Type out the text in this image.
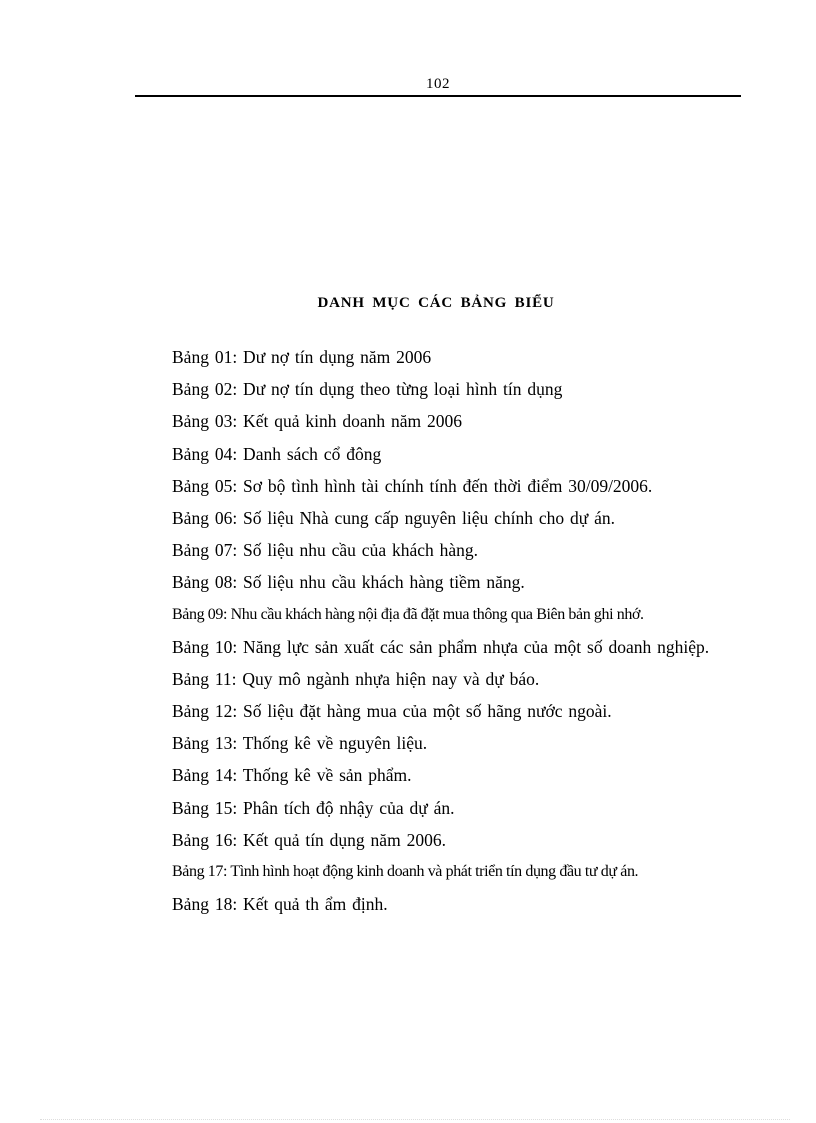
102
DANH MỤC CÁC BẢNG BIỂU
Bảng 01: Dư nợ tín dụng năm 2006
Bảng 02: Dư nợ tín dụng theo từng loại hình tín dụng
Bảng 03: Kết quả kinh doanh năm 2006
Bảng 04: Danh sách cổ đông
Bảng 05: Sơ bộ tình hình tài chính tính đến thời điểm 30/09/2006.
Bảng 06: Số liệu Nhà cung cấp nguyên liệu chính cho dự án.
Bảng 07: Số liệu nhu cầu của khách hàng.
Bảng 08: Số liệu nhu cầu khách hàng tiềm năng.
Bảng 09: Nhu cầu khách hàng nội địa đã đặt mua thông qua Biên bản ghi nhớ.
Bảng 10: Năng lực sản xuất các sản phẩm nhựa của một số doanh nghiệp.
Bảng 11: Quy mô ngành nhựa hiện nay và dự báo.
Bảng 12: Số liệu đặt hàng mua của một số hãng nước ngoài.
Bảng 13: Thống kê về nguyên liệu.
Bảng 14: Thống kê về sản phẩm.
Bảng 15: Phân tích độ nhậy của dự án.
Bảng 16: Kết quả tín dụng năm 2006.
Bảng 17: Tình hình hoạt động kinh doanh và phát triển tín dụng đầu tư dự án.
Bảng 18: Kết quả th ẩm định.
